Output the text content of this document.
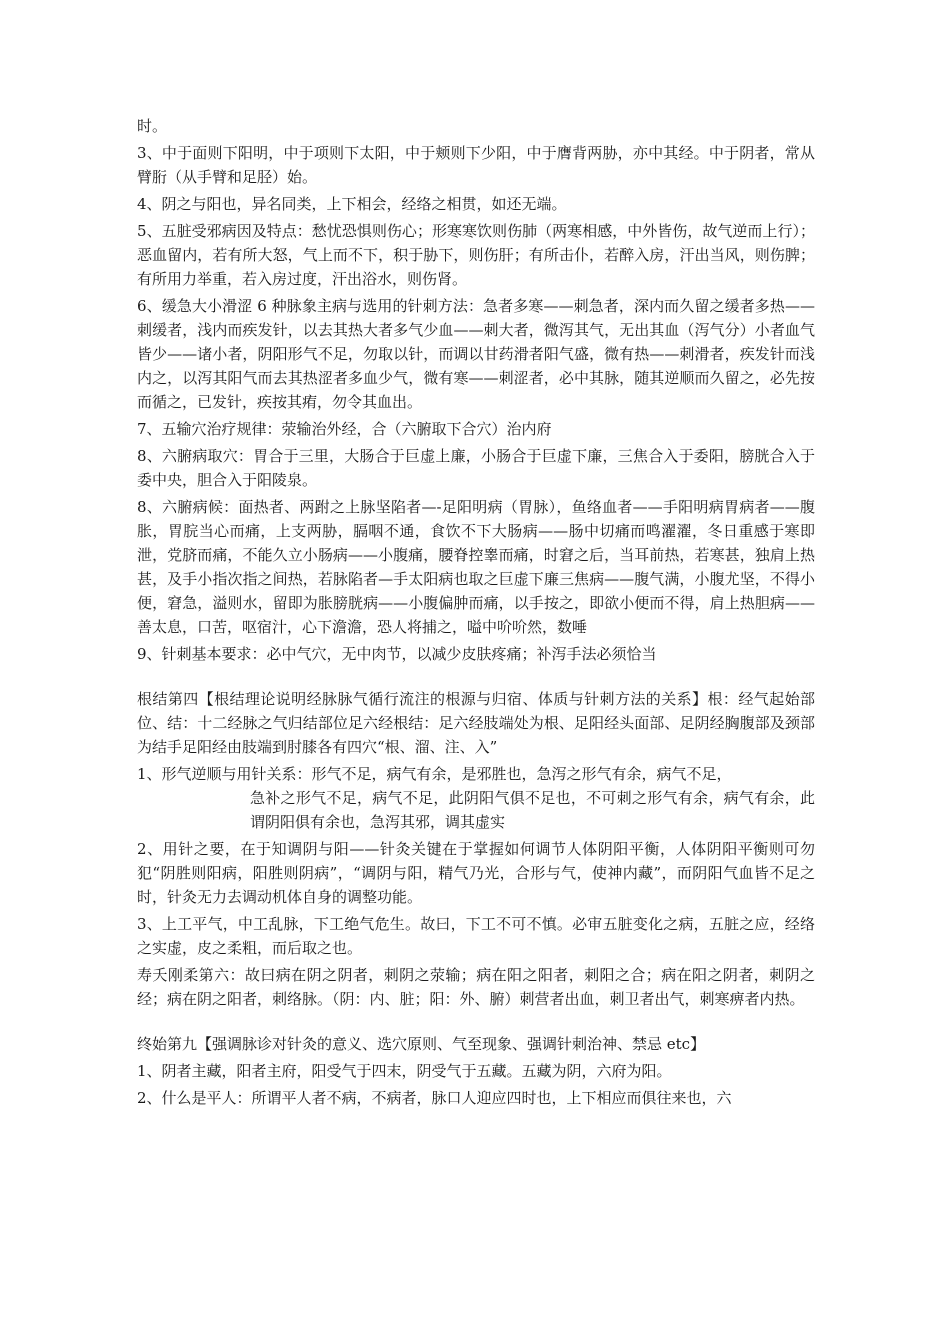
时。

3、中于面则下阳明，中于项则下太阳，中于颊则下少阳，中于膺背两胁，亦中其经。中于阴者，常从臂胻（从手臂和足胫）始。

4、阴之与阳也，异名同类，上下相会，经络之相贯，如还无端。

5、五脏受邪病因及特点：愁忧恐惧则伤心；形寒寒饮则伤肺（两寒相感，中外皆伤，故气逆而上行）；恶血留内，若有所大怒，气上而不下，积于胁下，则伤肝；有所击仆，若醉入房，汗出当风，则伤脾；有所用力举重，若入房过度，汗出浴水，则伤肾。

6、缓急大小滑涩 6 种脉象主病与选用的针刺方法：急者多寒——刺急者，深内而久留之缓者多热——刺缓者，浅内而疾发针，以去其热大者多气少血——刺大者，微泻其气，无出其血（泻气分）小者血气皆少——诸小者，阴阳形气不足，勿取以针，而调以甘药滑者阳气盛，微有热——刺滑者，疾发针而浅内之，以泻其阳气而去其热涩者多血少气，微有寒——刺涩者，必中其脉，随其逆顺而久留之，必先按而循之，已发针，疾按其痏，勿令其血出。

7、五输穴治疗规律：荥输治外经，合（六腑取下合穴）治内府

8、六腑病取穴：胃合于三里，大肠合于巨虚上廉，小肠合于巨虚下廉，三焦合入于委阳，膀胱合入于委中央，胆合入于阳陵泉。

8、六腑病候：面热者、两跗之上脉坚陷者—-足阳明病（胃脉），鱼络血者——手阳明病胃病者——腹胀，胃脘当心而痛，上支两胁，膈咽不通，食饮不下大肠病——肠中切痛而鸣濯濯，冬日重感于寒即泄，党脐而痛，不能久立小肠病——小腹痛，腰脊控睾而痛，时窘之后，当耳前热，若寒甚，独肩上热甚，及手小指次指之间热，若脉陷者—手太阳病也取之巨虚下廉三焦病——腹气满，小腹尤坚，不得小便，窘急，溢则水，留即为胀膀胱病——小腹偏肿而痛，以手按之，即欲小便而不得，肩上热胆病——善太息，口苦，呕宿汁，心下澹澹，恐人将捕之，嗌中吤吤然，数唾

9、针刺基本要求：必中气穴，无中肉节，以减少皮肤疼痛；补泻手法必须恰当

根结第四【根结理论说明经脉脉气循行流注的根源与归宿、体质与针刺方法的关系】根：经气起始部位、结：十二经脉之气归结部位足六经根结：足六经肢端处为根、足阳经头面部、足阴经胸腹部及颈部为结手足阳经由肢端到肘膝各有四穴“根、溜、注、入”

1、形气逆顺与用针关系：形气不足，病气有余，是邪胜也，急泻之形气有余，病气不足，

急补之形气不足，病气不足，此阴阳气俱不足也，不可刺之形气有余，病气有余，此谓阴阳俱有余也，急泻其邪，调其虚实

2、用针之要，在于知调阴与阳——针灸关键在于掌握如何调节人体阴阳平衡，人体阴阳平衡则可勿犯“阴胜则阳病，阳胜则阴病”，“调阴与阳，精气乃光，合形与气，使神内藏”，而阴阳气血皆不足之时，针灸无力去调动机体自身的调整功能。

3、上工平气，中工乱脉，下工绝气危生。故曰，下工不可不慎。必审五脏变化之病，五脏之应，经络之实虚，皮之柔粗，而后取之也。

寿夭刚柔第六：故曰病在阴之阴者，刺阴之荥输；病在阳之阳者，刺阳之合；病在阳之阴者，刺阴之经；病在阴之阳者，刺络脉。（阴：内、脏；阳：外、腑）刺营者出血，刺卫者出气，刺寒痹者内热。

终始第九【强调脉诊对针灸的意义、选穴原则、气至现象、强调针刺治神、禁忌 etc】

1、阴者主藏，阳者主府，阳受气于四末，阴受气于五藏。五藏为阴，六府为阳。

2、什么是平人：所谓平人者不病，不病者，脉口人迎应四时也，上下相应而俱往来也，六
